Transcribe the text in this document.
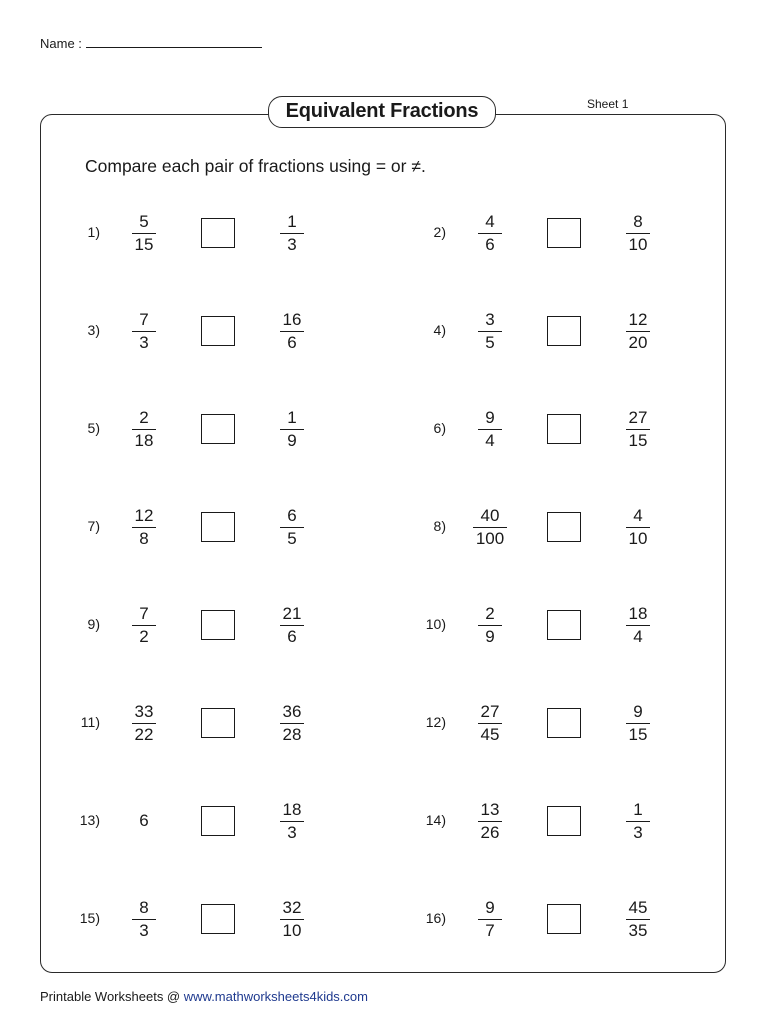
Name :
Equivalent Fractions	Sheet 1
Compare each pair of fractions using = or ≠.
1)
5
15
1
3
2)
4
6
8
10
3)
7
3
16
6
4)
3
5
12
20
5)
2
18
1
9
6)
9
4
27
15
7)
12
8
6
5
8)
40
100
4
10
9)
7
2
21
6
10)
2
9
18
4
11)
33
22
36
28
12)
27
45
9
15
13)	6
18
3
14)
13
26
1
3
15)
8
3
32
10
16)
9
7
45
35
Printable Worksheets @ www.mathworksheets4kids.com
